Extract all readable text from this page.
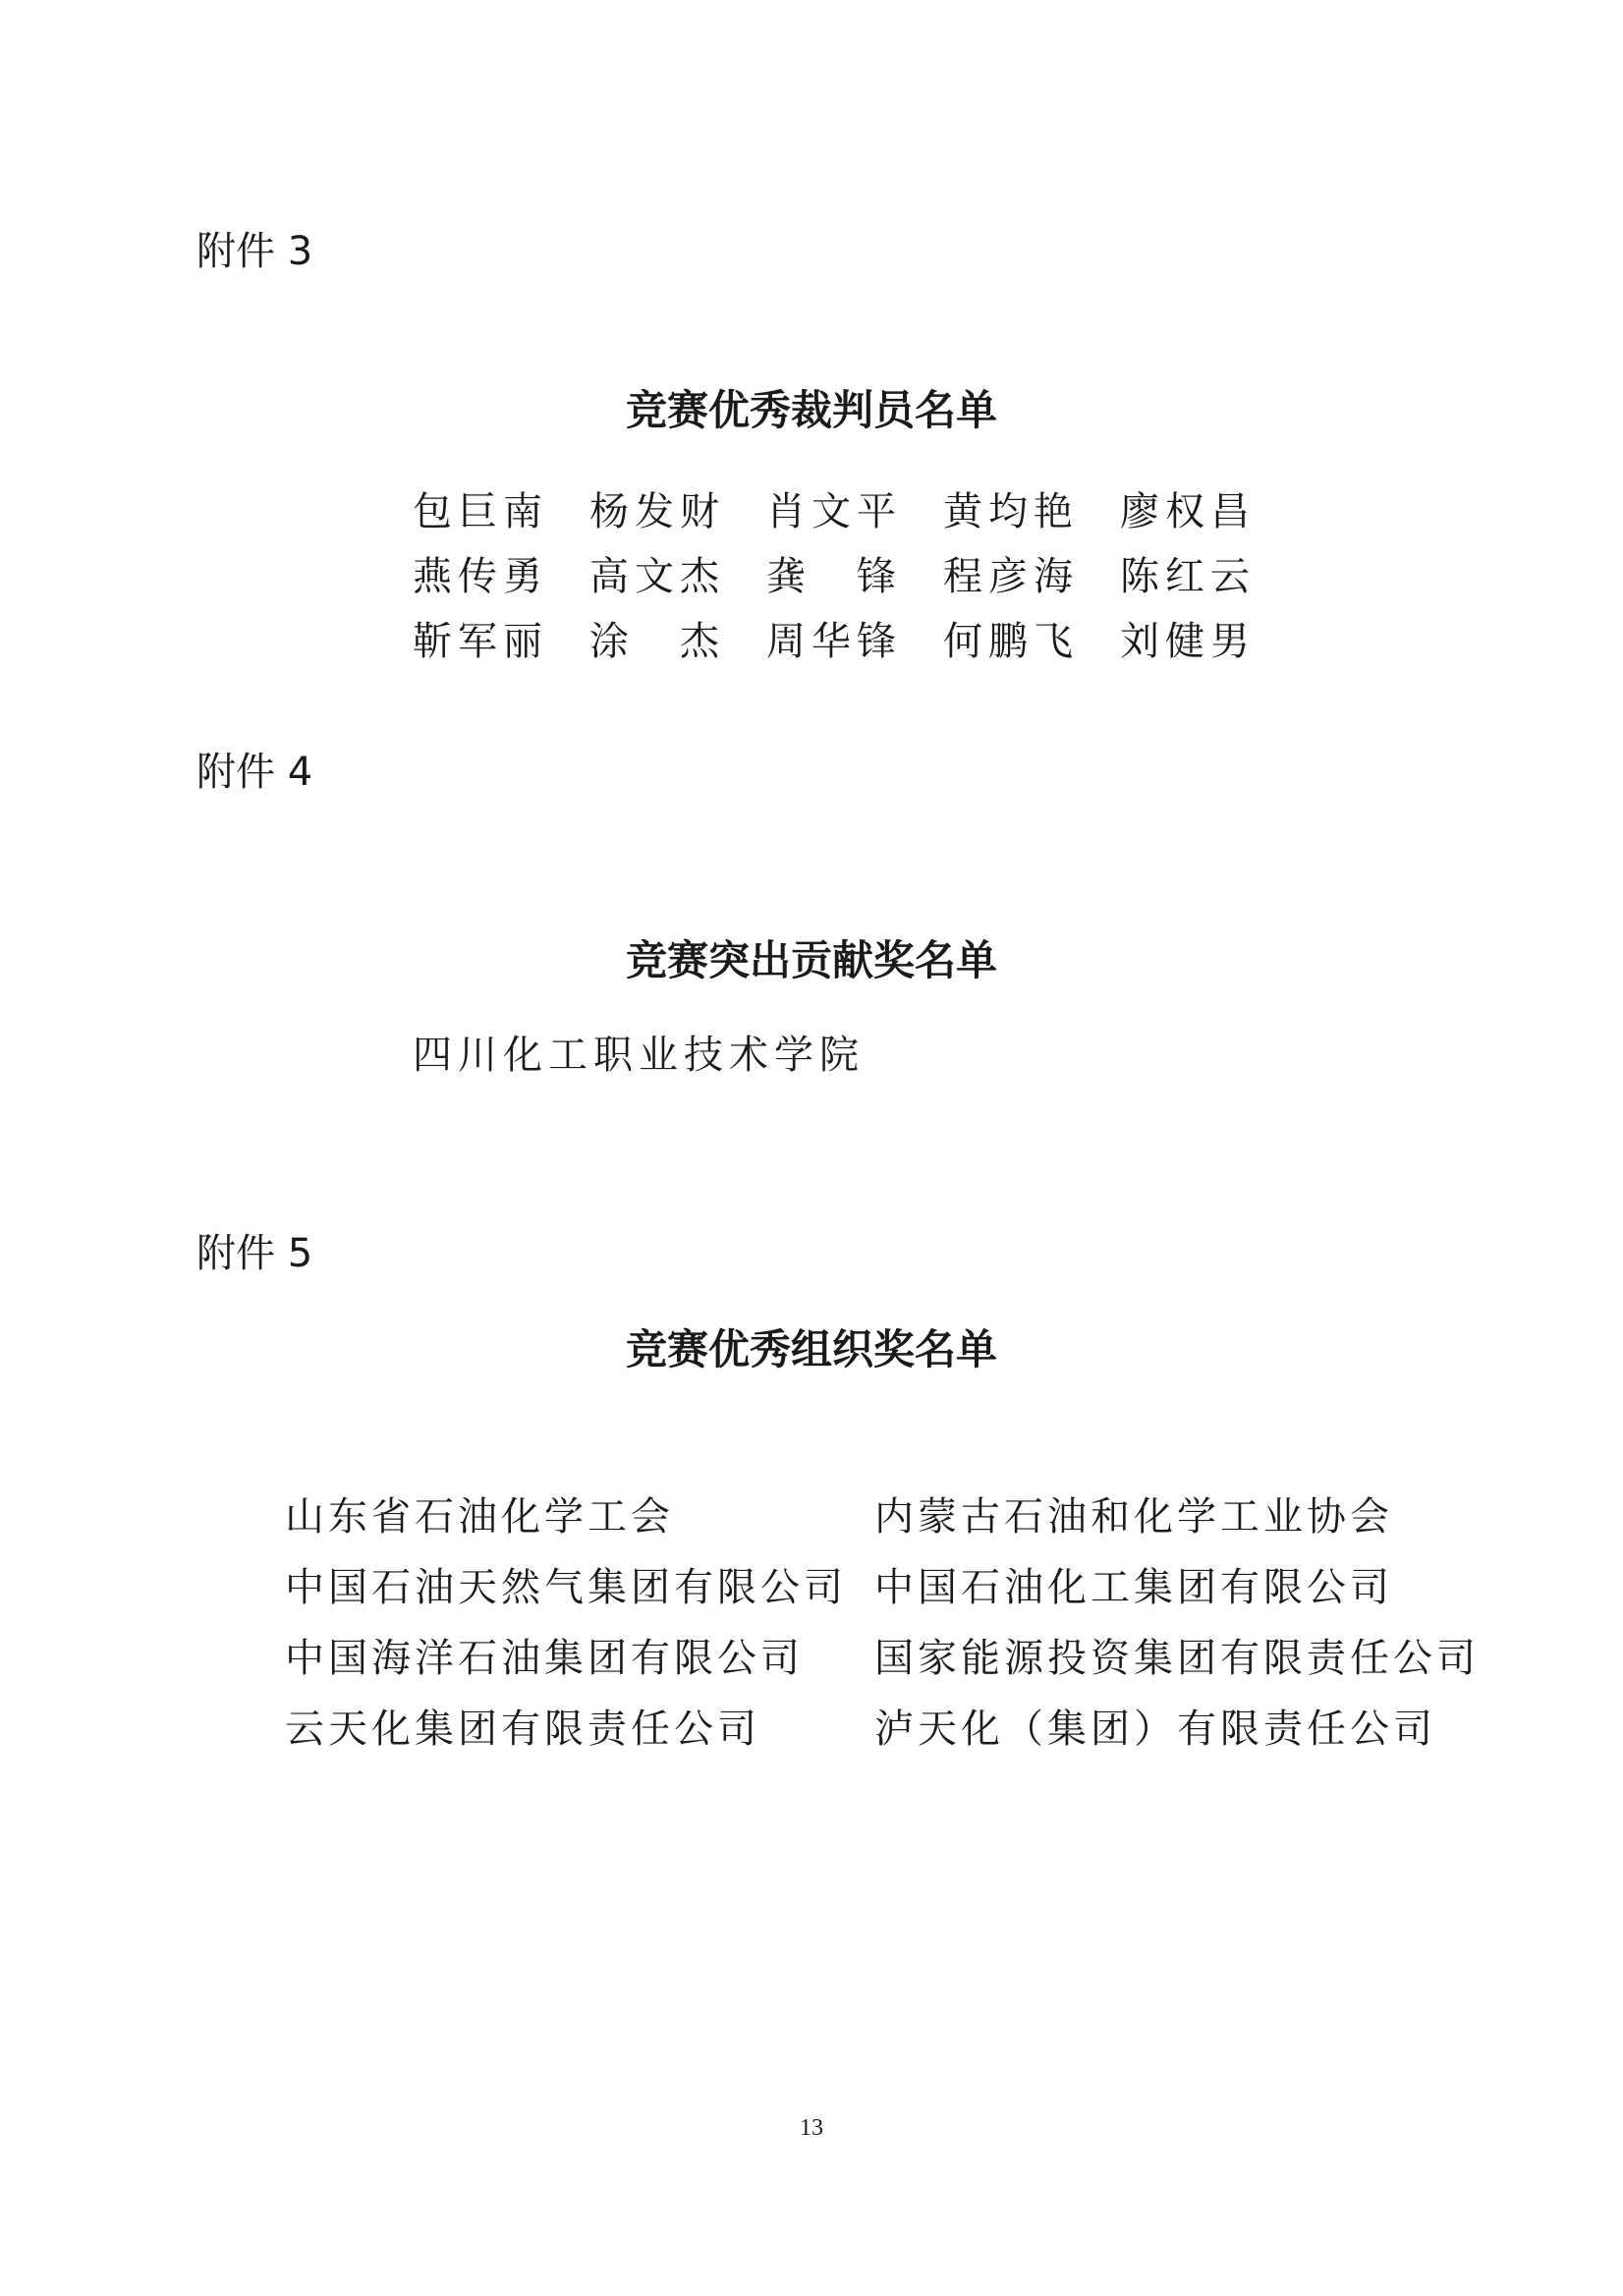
附件 3
竞赛优秀裁判员名单
包巨南	杨发财	肖文平	黄均艳	廖权昌
燕传勇	高文杰	龚　锋	程彦海	陈红云
靳军丽	涂　杰	周华锋	何鹏飞	刘健男
附件 4
竞赛突出贡献奖名单
四川化工职业技术学院
附件 5
竞赛优秀组织奖名单
山东省石油化学工会	内蒙古石油和化学工业协会
中国石油天然气集团有限公司 中国石油化工集团有限公司
中国海洋石油集团有限公司	国家能源投资集团有限责任公司
云天化集团有限责任公司	泸天化（集团）有限责任公司
13
